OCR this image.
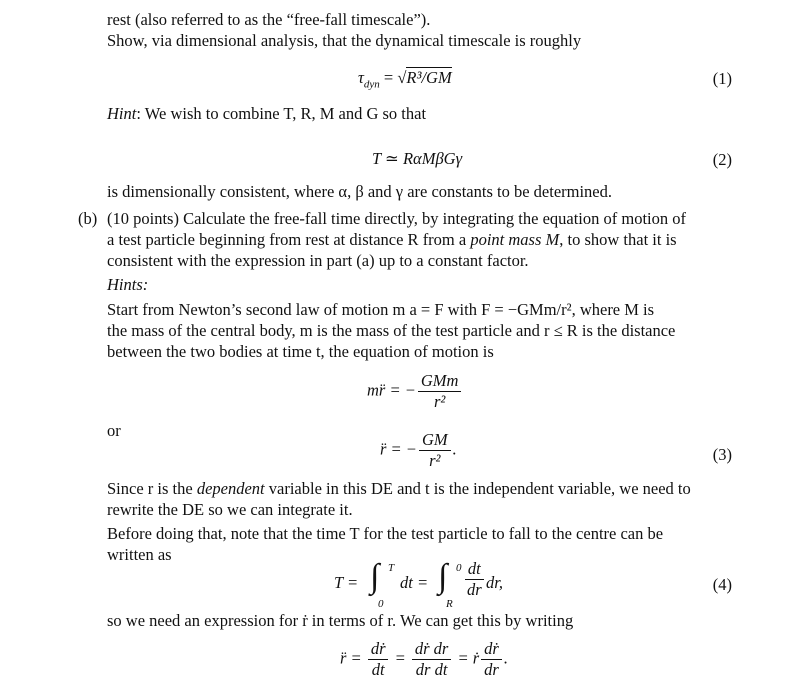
rest (also referred to as the “free-fall timescale”).
Show, via dimensional analysis, that the dynamical timescale is roughly
$\tau_{dyn} = √R^3/GM$	(1)
Hint: We wish to combine T, R, M and G so that
T ≃ RαMβGγ	(2)
is dimensionally consistent, where α, β and γ are constants to be determined.
(b) (10 points) Calculate the free-fall time directly, by integrating the equation of motion of
a test particle beginning from rest at distance R from a point mass M, to show that it is
consistent with the expression in part (a) up to a constant factor.
Hints:
Start from Newton’s second law of motion m a = F with F = −GMm/r², where M is
the mass of the central body, m is the mass of the test particle and r ≤ R is the distance
between the two bodies at time t, the equation of motion is
mr̈ = − $\frac{\text{GMm}}{\text{r²}}$
or
r̈ = − $\frac{GM}{\text{r²}}$ .	(3)
Since r is the dependent variable in this DE and t is the independent variable, we need to
rewrite the DE so we can integrate it.
Before doing that, note that the time T for the test particle to fall to the centre can be
written as
T = ∫ T
0
dt = ∫ 0
R
$\frac{dt}{dr}$ dr,	(4)
so we need an expression for ṙ in terms of r. We can get this by writing
r̈ = $\frac{\text{dṙ}}{dt} = \frac{\text{dṙ dr}}{\text{dr dt}}$ = ṙ $\frac{\text{dṙ}}{dr}$ .
